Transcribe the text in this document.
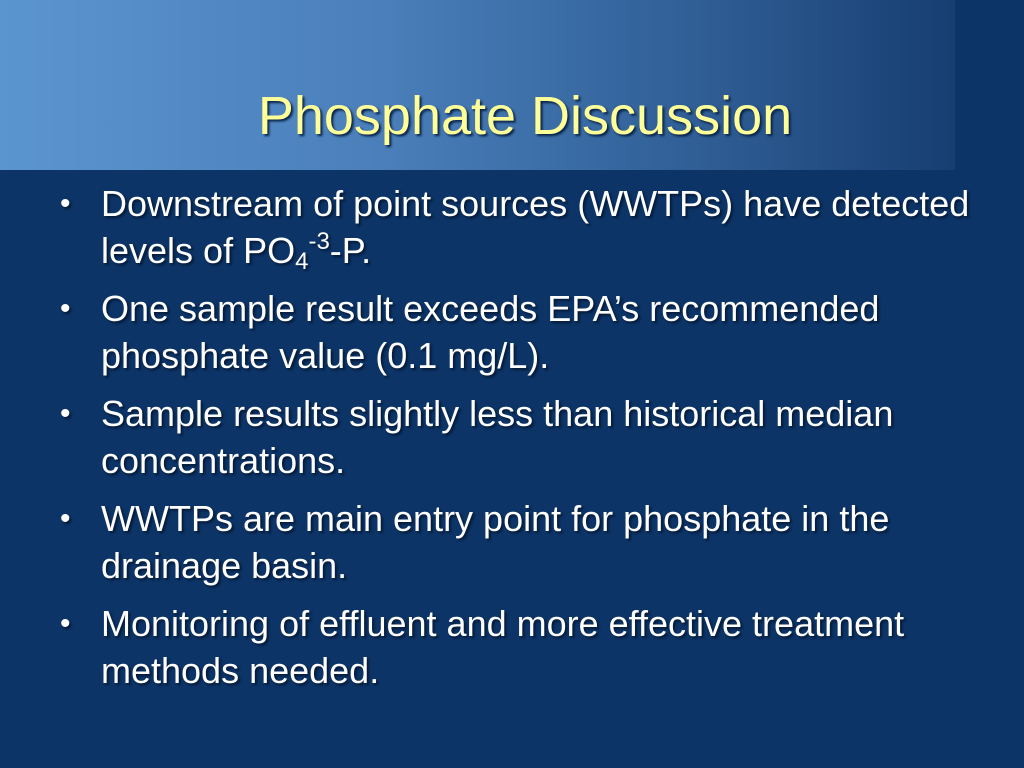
Phosphate Discussion
• Downstream of point sources (WWTPs) have detected levels of $PO_4^{-3}-P$.
• One sample result exceeds EPA’s recommended phosphate value (0.1 mg/L).
• Sample results slightly less than historical median concentrations.
• WWTPs are main entry point for phosphate in the drainage basin.
• Monitoring of effluent and more effective treatment methods needed.
